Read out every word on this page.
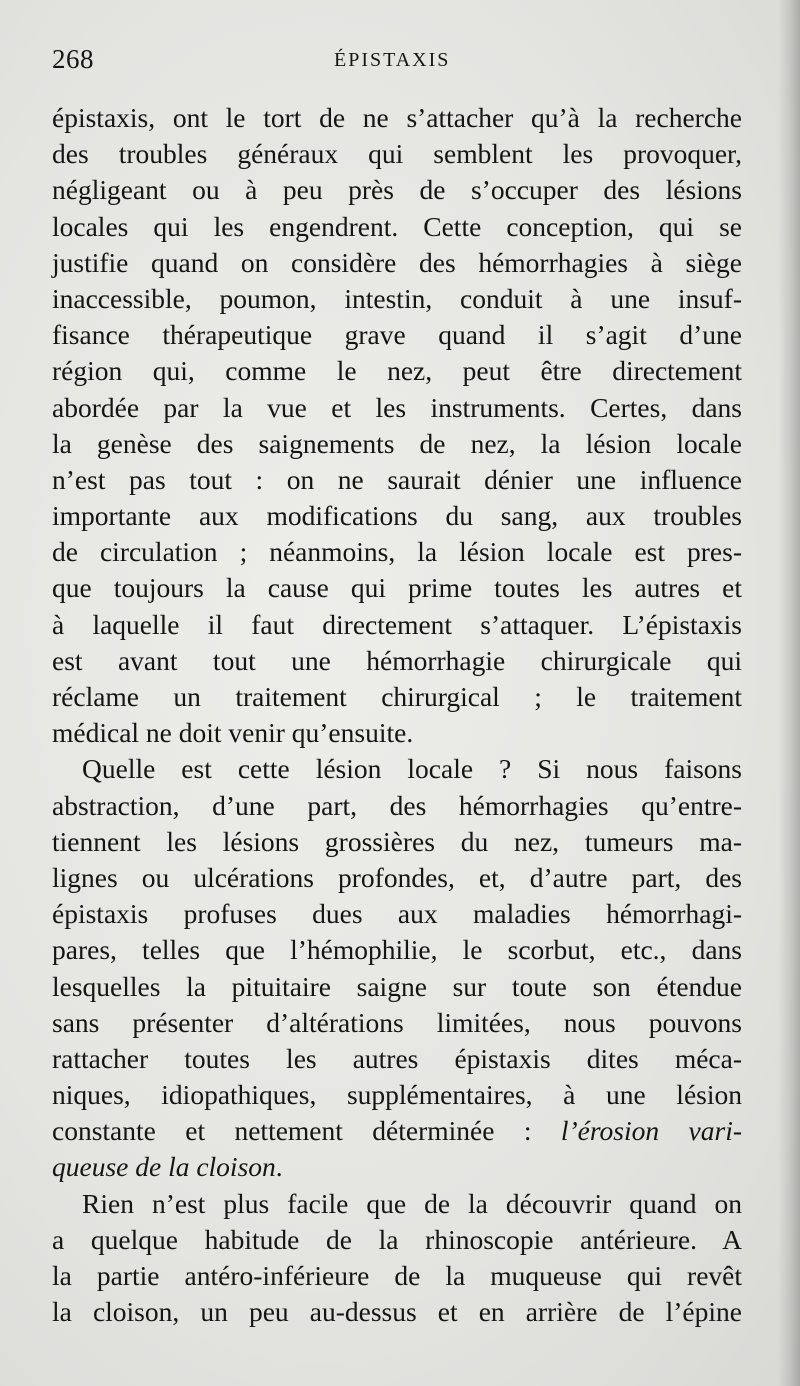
268	ÉPISTAXIS
épistaxis, ont le tort de ne s’attacher qu’à la recherche
des troubles généraux qui semblent les provoquer,
négligeant ou à peu près de s’occuper des lésions
locales qui les engendrent. Cette conception, qui se
justifie quand on considère des hémorrhagies à siège
inaccessible, poumon, intestin, conduit à une insuf-
fisance thérapeutique grave quand il s’agit d’une
région qui, comme le nez, peut être directement
abordée par la vue et les instruments. Certes, dans
la genèse des saignements de nez, la lésion locale
n’est pas tout : on ne saurait dénier une influence
importante aux modifications du sang, aux troubles
de circulation ; néanmoins, la lésion locale est pres-
que toujours la cause qui prime toutes les autres et
à laquelle il faut directement s’attaquer. L’épistaxis
est avant tout une hémorrhagie chirurgicale qui
réclame un traitement chirurgical ; le traitement
médical ne doit venir qu’ensuite.
Quelle est cette lésion locale ? Si nous faisons
abstraction, d’une part, des hémorrhagies qu’entre-
tiennent les lésions grossières du nez, tumeurs ma-
lignes ou ulcérations profondes, et, d’autre part, des
épistaxis profuses dues aux maladies hémorrhagi-
pares, telles que l’hémophilie, le scorbut, etc., dans
lesquelles la pituitaire saigne sur toute son étendue
sans présenter d’altérations limitées, nous pouvons
rattacher toutes les autres épistaxis dites méca-
niques, idiopathiques, supplémentaires, à une lésion
constante et nettement déterminée : l’érosion vari-
queuse de la cloison.
Rien n’est plus facile que de la découvrir quand on
a quelque habitude de la rhinoscopie antérieure. A
la partie antéro-inférieure de la muqueuse qui revêt
la cloison, un peu au-dessus et en arrière de l’épine
